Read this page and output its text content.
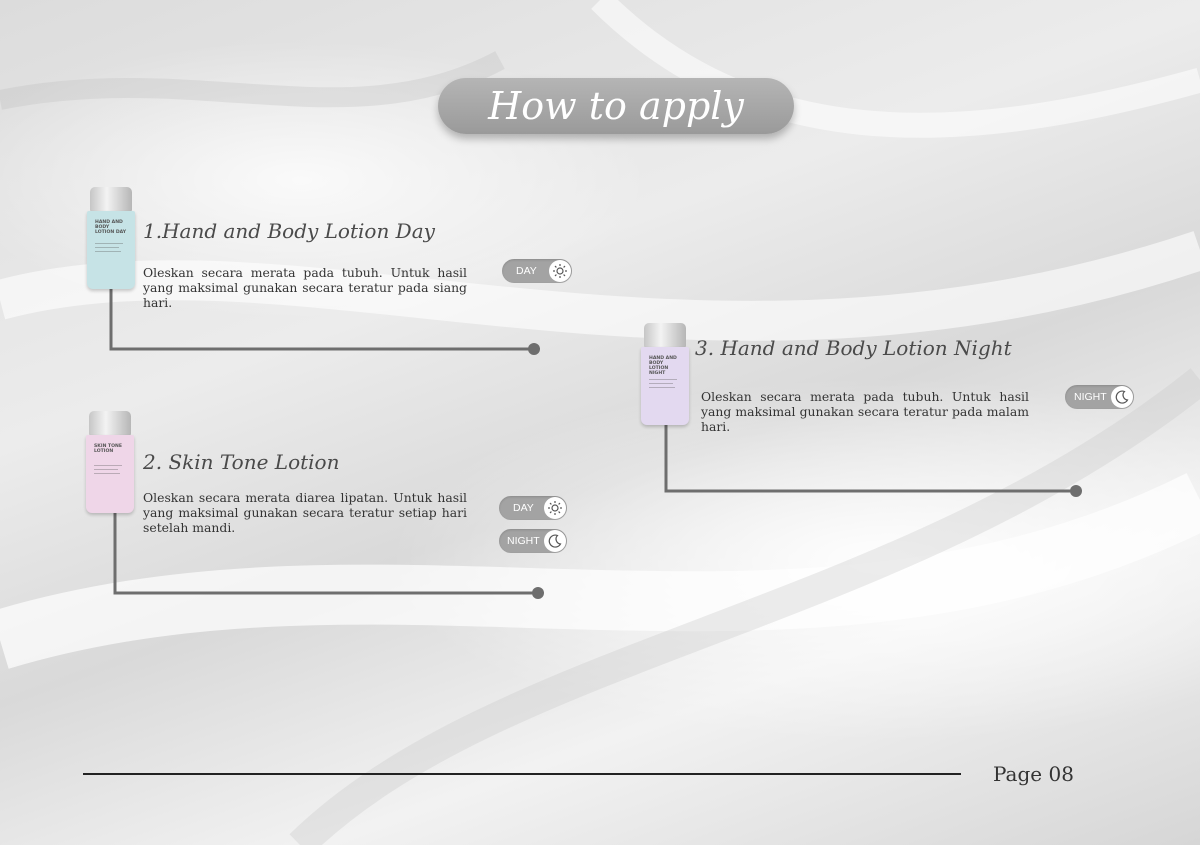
How to apply
HAND AND BODY LOTION DAY 1.Hand and Body Lotion Day

Oleskan secara merata pada tubuh. Untuk hasil yang maksimal gunakan secara teratur pada siang hari.

DAY
SKIN TONE LOTION	2. Skin Tone Lotion

Oleskan secara merata diarea lipatan. Untuk hasil yang maksimal gunakan secara teratur setiap hari setelah mandi.

DAY
NIGHT
HAND AND BODY LOTION NIGHT
3. Hand and Body Lotion Night

Oleskan secara merata pada tubuh. Untuk hasil yang maksimal gunakan secara teratur pada malam hari.

NIGHT
Page 08
